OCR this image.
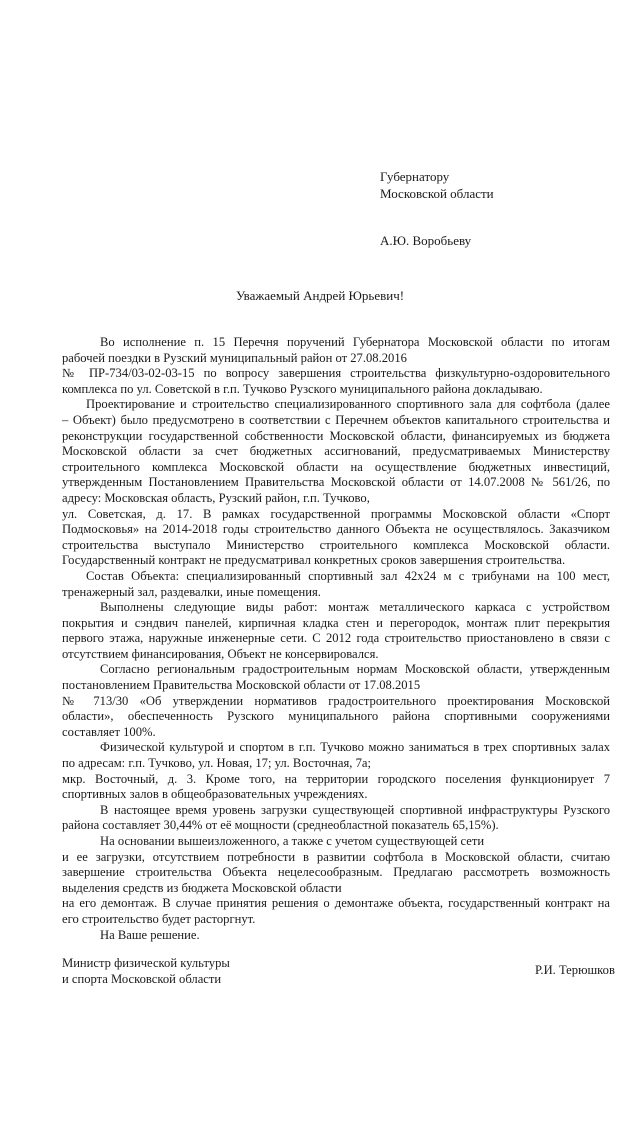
Губернатору
Московской области
А.Ю. Воробьеву
Уважаемый Андрей Юрьевич!

Во исполнение п. 15 Перечня поручений Губернатора Московской области по итогам

рабочей поездки в Рузский муниципальный район от 27.08.2016

№ ПР-734/03-02-03-15 по вопросу завершения строительства физкультурно-оздоровительного

комплекса по ул. Советской в г.п. Тучково Рузского муниципального района докладываю.

Проектирование и строительство специализированного спортивного зала для софтбола (далее

– Объект) было предусмотрено в соответствии с Перечнем объектов капитального строительства и

реконструкции государственной собственности Московской области, финансируемых из бюджета

Московской области за счет бюджетных ассигнований, предусматриваемых Министерству

строительного комплекса Московской области на осуществление бюджетных инвестиций,

утвержденным Постановлением Правительства Московской области от 14.07.2008 № 561/26, по

адресу: Московская область, Рузский район, г.п. Тучково,

ул. Советская, д. 17. В рамках государственной программы Московской области «Спорт

Подмосковья» на 2014-2018 годы строительство данного Объекта не осуществлялось. Заказчиком

строительства выступало Министерство строительного комплекса Московской области.

Государственный контракт не предусматривал конкретных сроков завершения строительства.

Состав Объекта: специализированный спортивный зал 42х24 м с трибунами на 100 мест,

тренажерный зал, раздевалки, иные помещения.

Выполнены следующие виды работ: монтаж металлического каркаса с устройством

покрытия и сэндвич панелей, кирпичная кладка стен и перегородок, монтаж плит перекрытия

первого этажа, наружные инженерные сети. С 2012 года строительство приостановлено в связи с

отсутствием финансирования, Объект не консервировался.

Согласно региональным градостроительным нормам Московской области, утвержденным

постановлением Правительства Московской области от 17.08.2015

№ 713/30 «Об утверждении нормативов градостроительного проектирования Московской

области», обеспеченность Рузского муниципального района спортивными сооружениями

составляет 100%.

Физической культурой и спортом в г.п. Тучково можно заниматься в трех спортивных залах

по адресам: г.п. Тучково, ул. Новая, 17; ул. Восточная, 7а;

мкр. Восточный, д. 3. Кроме того, на территории городского поселения функционирует 7

спортивных залов в общеобразовательных учреждениях.

В настоящее время уровень загрузки существующей спортивной инфраструктуры Рузского

района составляет 30,44% от её мощности (среднеобластной показатель 65,15%).

На основании вышеизложенного, а также с учетом существующей сети

и ее загрузки, отсутствием потребности в развитии софтбола в Московской области, считаю

завершение строительства Объекта нецелесообразным. Предлагаю рассмотреть возможность

выделения средств из бюджета Московской области

на его демонтаж. В случае принятия решения о демонтаже объекта, государственный контракт на

его строительство будет расторгнут.

На Ваше решение.

Министр физической культуры
и спорта Московской области
Р.И. Терюшков
